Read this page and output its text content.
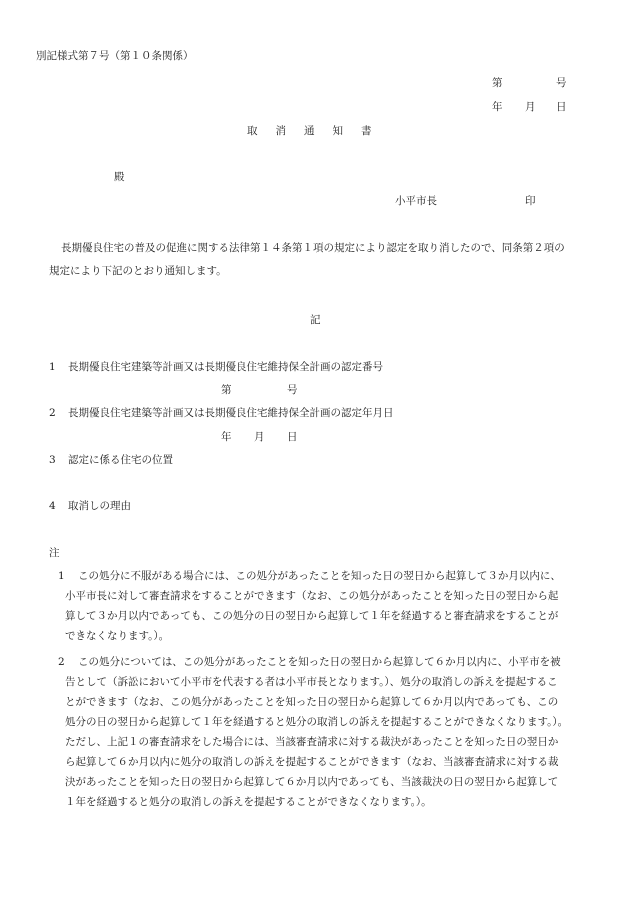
別記様式第７号（第１０条関係）
第	号
年 月 日
取消通知書
殿
小平市長	印
長期優良住宅の普及の促進に関する法律第１４条第１項の規定により認定を取り消したので、同条第２項の
規定により下記のとおり通知します。
記
1 長期優良住宅建築等計画又は長期優良住宅維持保全計画の認定番号
第	号
2 長期優良住宅建築等計画又は長期優良住宅維持保全計画の認定年月日
年 月 日
3 認定に係る住宅の位置
4 取消しの理由
注
1 この処分に不服がある場合には、この処分があったことを知った日の翌日から起算して３か月以内に、
小平市長に対して審査請求をすることができます（なお、この処分があったことを知った日の翌日から起
算して３か月以内であっても、この処分の日の翌日から起算して１年を経過すると審査請求をすることが
できなくなります。）。
2 この処分については、この処分があったことを知った日の翌日から起算して６か月以内に、小平市を被
告として（訴訟において小平市を代表する者は小平市長となります。）、処分の取消しの訴えを提起するこ
とができます（なお、この処分があったことを知った日の翌日から起算して６か月以内であっても、この
処分の日の翌日から起算して１年を経過すると処分の取消しの訴えを提起することができなくなります。）。
ただし、上記１の審査請求をした場合には、当該審査請求に対する裁決があったことを知った日の翌日か
ら起算して６か月以内に処分の取消しの訴えを提起することができます（なお、当該審査請求に対する裁
決があったことを知った日の翌日から起算して６か月以内であっても、当該裁決の日の翌日から起算して
１年を経過すると処分の取消しの訴えを提起することができなくなります。）。
